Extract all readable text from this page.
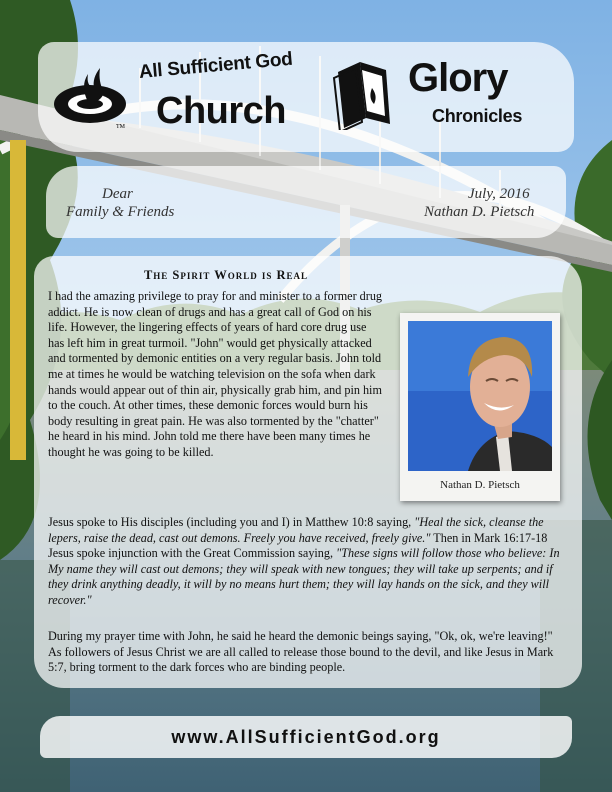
All Sufficient God
Church
TM
Glory
Chronicles
Dear
Family & Friends
July, 2016
Nathan D. Pietsch
The Spirit World is Real

I had the amazing privilege to pray for and minister to a former drug addict. He is now clean of drugs and has a great call of God on his life. However, the lingering effects of years of hard core drug use has left him in great turmoil. "John" would get physically attacked and tormented by demonic entities on a very regular basis. John told me at times he would be watching television on the sofa when dark hands would appear out of thin air, physically grab him, and pin him to the couch. At other times, these demonic forces would burn his body resulting in great pain. He was also tormented by the "chatter" he heard in his mind. John told me there have been many times he thought he was going to be killed.

Nathan D. Pietsch

Jesus spoke to His disciples (including you and I) in Matthew 10:8 saying, "Heal the sick, cleanse the lepers, raise the dead, cast out demons. Freely you have received, freely give." Then in Mark 16:17-18 Jesus spoke injunction with the Great Commission saying, "These signs will follow those who believe: In My name they will cast out demons; they will speak with new tongues; they will take up serpents; and if they drink anything deadly, it will by no means hurt them; they will lay hands on the sick, and they will recover."

During my prayer time with John, he said he heard the demonic beings saying, "Ok, ok, we're leaving!" As followers of Jesus Christ we are all called to release those bound to the devil, and like Jesus in Mark 5:7, bring torment to the dark forces who are binding people.

www.AllSufficientGod.org
